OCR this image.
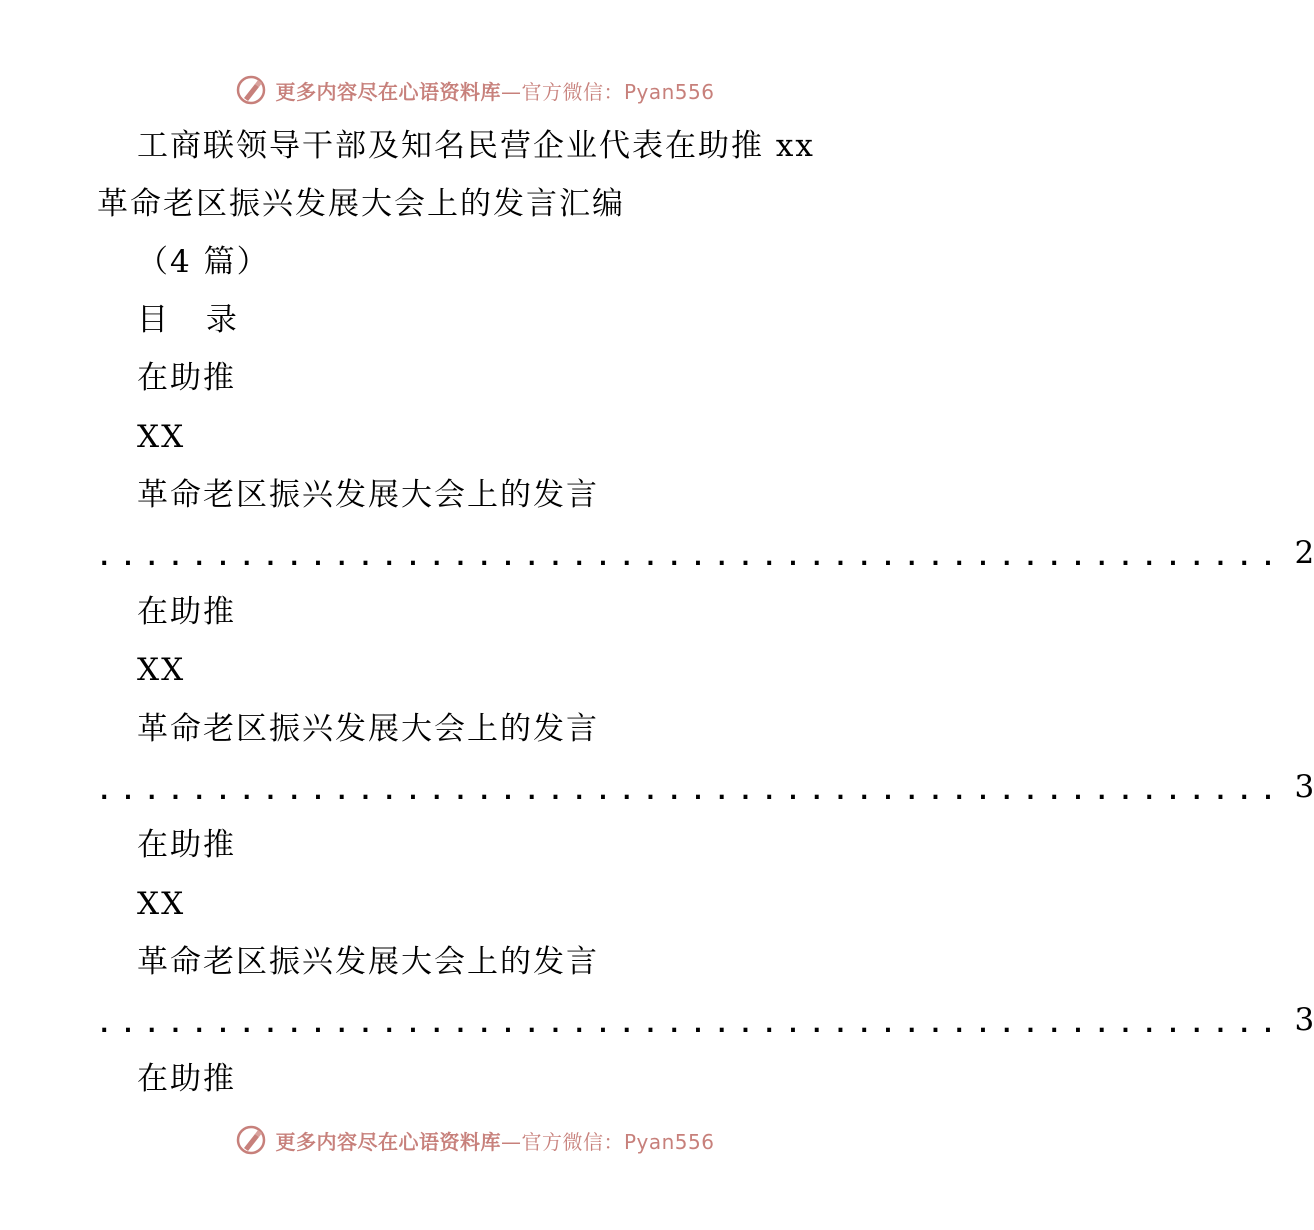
更多内容尽在心语资料库—官方微信：Pyan556
工商联领导干部及知名民营企业代表在助推 xx
革命老区振兴发展大会上的发言汇编
（4 篇）
目 录
在助推
XX
革命老区振兴发展大会上的发言
.................................................. 2
在助推
XX
革命老区振兴发展大会上的发言
.................................................. 3
在助推
XX
革命老区振兴发展大会上的发言
.................................................. 3
在助推
更多内容尽在心语资料库—官方微信：Pyan556
